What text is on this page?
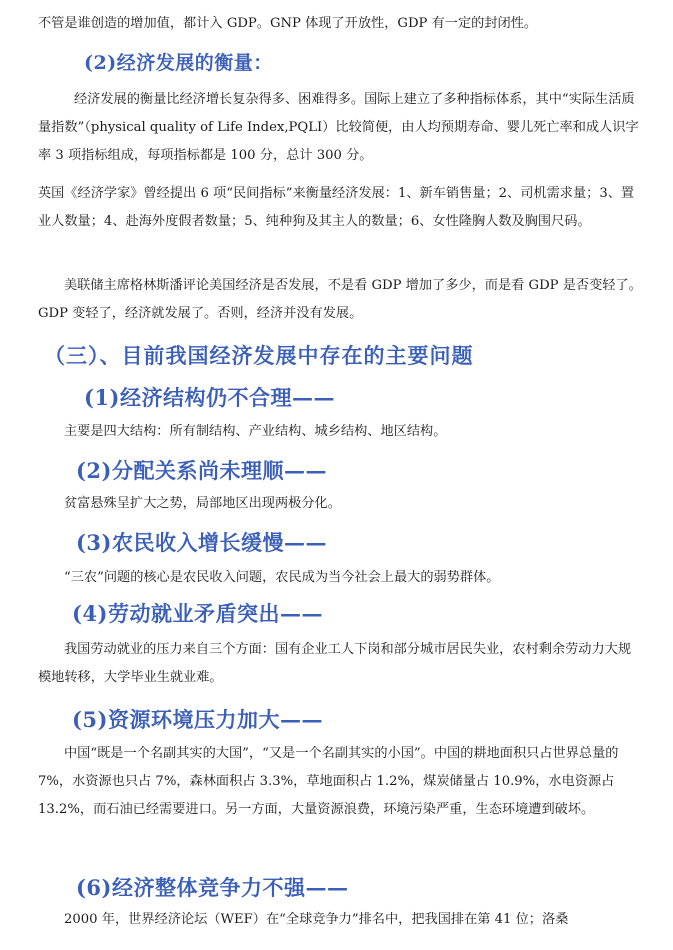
不管是谁创造的增加值，都计入 GDP。GNP 体现了开放性，GDP 有一定的封闭性。

(2)经济发展的衡量：

经济发展的衡量比经济增长复杂得多、困难得多。国际上建立了多种指标体系，其中“实际生活质量指数”（physical quality of Life Index,PQLI）比较简便，由人均预期寿命、婴儿死亡率和成人识字率 3 项指标组成，每项指标都是 100 分，总计 300 分。

英国《经济学家》曾经提出 6 项“民间指标”来衡量经济发展：1、新车销售量；2、司机需求量；3、置业人数量；4、赴海外度假者数量；5、纯种狗及其主人的数量；6、女性隆胸人数及胸围尺码。

美联储主席格林斯潘评论美国经济是否发展，不是看 GDP 增加了多少，而是看 GDP 是否变轻了。GDP 变轻了，经济就发展了。否则，经济并没有发展。

（三）、目前我国经济发展中存在的主要问题
(1)经济结构仍不合理——

主要是四大结构：所有制结构、产业结构、城乡结构、地区结构。

(2)分配关系尚未理顺——

贫富悬殊呈扩大之势，局部地区出现两极分化。

(3)农民收入增长缓慢——

“三农”问题的核心是农民收入问题，农民成为当今社会上最大的弱势群体。

(4)劳动就业矛盾突出——

我国劳动就业的压力来自三个方面：国有企业工人下岗和部分城市居民失业，农村剩余劳动力大规模地转移，大学毕业生就业难。

(5)资源环境压力加大——

中国“既是一个名副其实的大国”，“又是一个名副其实的小国”。中国的耕地面积只占世界总量的 7%，水资源也只占 7%，森林面积占 3.3%，草地面积占 1.2%，煤炭储量占 10.9%，水电资源占 13.2%，而石油已经需要进口。另一方面，大量资源浪费，环境污染严重，生态环境遭到破坏。

(6)经济整体竞争力不强——

2000 年，世界经济论坛（WEF）在“全球竞争力”排名中，把我国排在第 41 位；洛桑
